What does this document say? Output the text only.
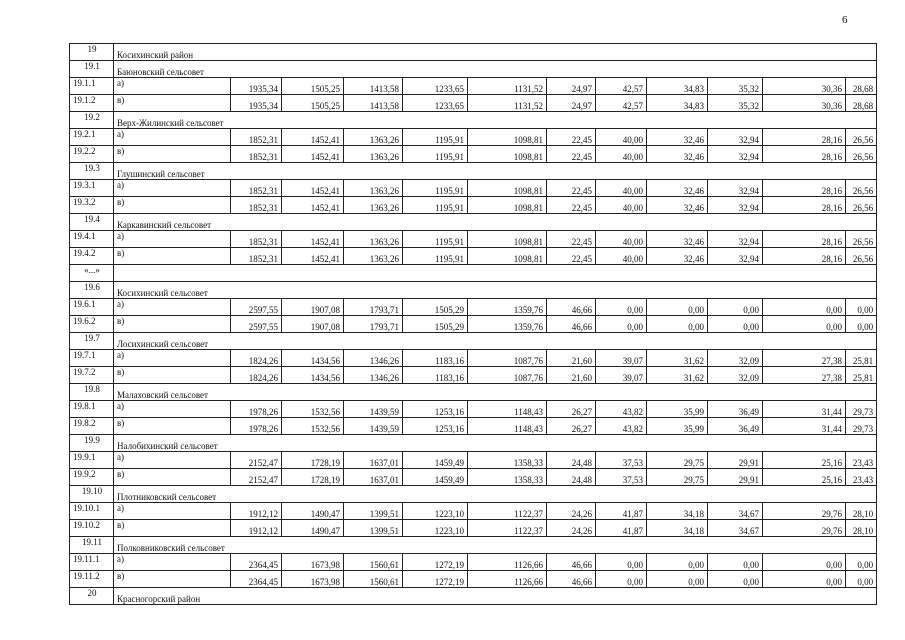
6
19	Косихинский район											
19.1	Баюновский сельсовет											
19.1.1	а)	1935,34	1505,25	1413,58	1233,65	1131,52	24,97	42,57	34,83	35,32	30,36	28,68
19.1.2	в)	1935,34	1505,25	1413,58	1233,65	1131,52	24,97	42,57	34,83	35,32	30,36	28,68
19.2	Верх-Жилинский сельсовет											
19.2.1	а)	1852,31	1452,41	1363,26	1195,91	1098,81	22,45	40,00	32,46	32,94	28,16	26,56
19.2.2	в)	1852,31	1452,41	1363,26	1195,91	1098,81	22,45	40,00	32,46	32,94	28,16	26,56
19.3	Глушинский сельсовет											
19.3.1	а)	1852,31	1452,41	1363,26	1195,91	1098,81	22,45	40,00	32,46	32,94	28,16	26,56
19.3.2	в)	1852,31	1452,41	1363,26	1195,91	1098,81	22,45	40,00	32,46	32,94	28,16	26,56
19.4	Каркавинский сельсовет											
19.4.1	а)	1852,31	1452,41	1363,26	1195,91	1098,81	22,45	40,00	32,46	32,94	28,16	26,56
19.4.2	в)	1852,31	1452,41	1363,26	1195,91	1098,81	22,45	40,00	32,46	32,94	28,16	26,56
«...»												
19.6	Косихинский сельсовет											
19.6.1	а)	2597,55	1907,08	1793,71	1505,29	1359,76	46,66	0,00	0,00	0,00	0,00	0,00
19.6.2	в)	2597,55	1907,08	1793,71	1505,29	1359,76	46,66	0,00	0,00	0,00	0,00	0,00
19.7	Лосихинский сельсовет											
19.7.1	а)	1824,26	1434,56	1346,26	1183,16	1087,76	21,60	39,07	31,62	32,09	27,38	25,81
19.7.2	в)	1824,26	1434,56	1346,26	1183,16	1087,76	21,60	39,07	31,62	32,09	27,38	25,81
19.8	Малаховский сельсовет											
19.8.1	а)	1978,26	1532,56	1439,59	1253,16	1148,43	26,27	43,82	35,99	36,49	31,44	29,73
19.8.2	в)	1978,26	1532,56	1439,59	1253,16	1148,43	26,27	43,82	35,99	36,49	31,44	29,73
19.9	Налобихинский сельсовет											
19.9.1	а)	2152,47	1728,19	1637,01	1459,49	1358,33	24,48	37,53	29,75	29,91	25,16	23,43
19.9.2	в)	2152,47	1728,19	1637,01	1459,49	1358,33	24,48	37,53	29,75	29,91	25,16	23,43
19.10	Плотниковский сельсовет											
19.10.1	а)	1912,12	1490,47	1399,51	1223,10	1122,37	24,26	41,87	34,18	34,67	29,76	28,10
19.10.2	в)	1912,12	1490,47	1399,51	1223,10	1122,37	24,26	41,87	34,18	34,67	29,76	28,10
19.11	Полковниковский сельсовет											
19.11.1	а)	2364,45	1673,98	1560,61	1272,19	1126,66	46,66	0,00	0,00	0,00	0,00	0,00
19.11.2	в)	2364,45	1673,98	1560,61	1272,19	1126,66	46,66	0,00	0,00	0,00	0,00	0,00
20	Красногорский район											
